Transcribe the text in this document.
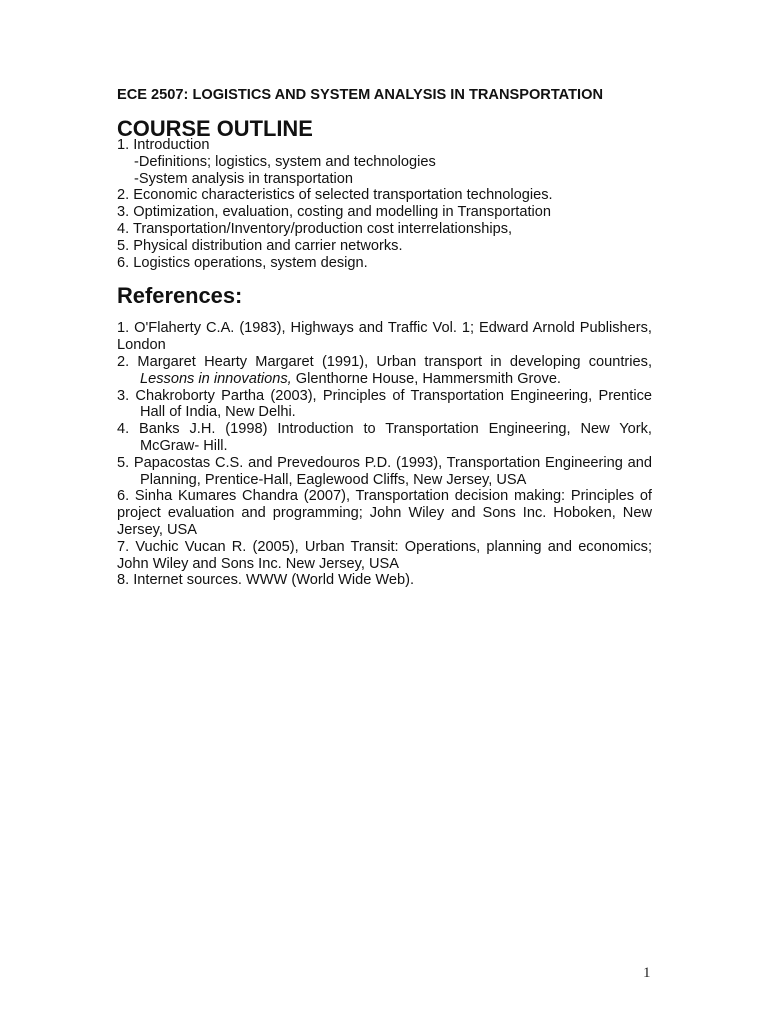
ECE 2507: LOGISTICS AND SYSTEM ANALYSIS IN TRANSPORTATION
COURSE OUTLINE

1. Introduction

-Definitions; logistics, system and technologies

-System analysis in transportation

2. Economic characteristics of selected transportation technologies.

3. Optimization, evaluation, costing and modelling in Transportation

4. Transportation/Inventory/production cost interrelationships,

5. Physical distribution and carrier networks.

6. Logistics operations, system design.

References:

1. O'Flaherty C.A. (1983), Highways and Traffic Vol. 1; Edward Arnold Publishers, London

2. Margaret Hearty Margaret (1991), Urban transport in developing countries, Lessons in innovations, Glenthorne House, Hammersmith Grove.

3. Chakroborty Partha (2003), Principles of Transportation Engineering, Prentice Hall of India, New Delhi.

4. Banks J.H. (1998) Introduction to Transportation Engineering, New York, McGraw- Hill.

5. Papacostas C.S. and Prevedouros P.D. (1993), Transportation Engineering and Planning, Prentice-Hall, Eaglewood Cliffs, New Jersey, USA

6. Sinha Kumares Chandra (2007), Transportation decision making: Principles of project evaluation and programming; John Wiley and Sons Inc. Hoboken, New Jersey, USA

7. Vuchic Vucan R. (2005), Urban Transit: Operations, planning and economics; John Wiley and Sons Inc. New Jersey, USA

8. Internet sources. WWW (World Wide Web).

1
